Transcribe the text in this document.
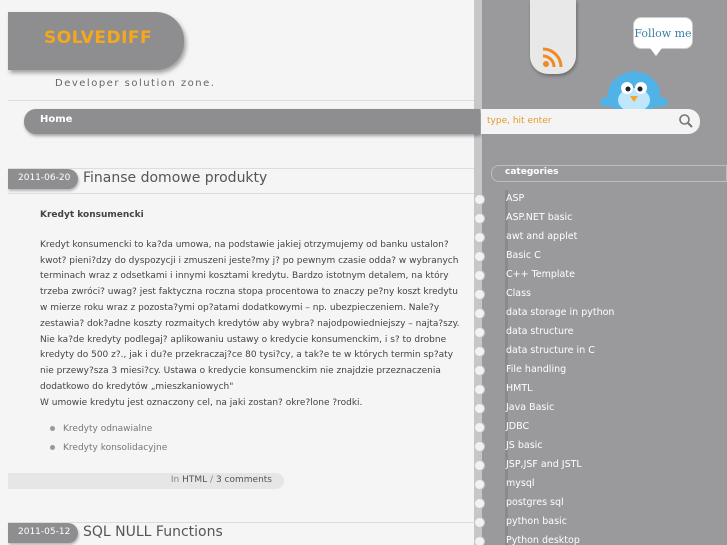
SOLVEDIFF
Developer solution zone.
Follow me
Home
type, hit enter
2011-06-20 Finanse domowe produkty

Kredyt konsumencki

Kredyt konsumencki to ka?da umowa, na podstawie jakiej otrzymujemy od banku ustalon? kwot? pieni?dzy do dyspozycji i zmuszeni jeste?my j? po pewnym czasie odda? w wybranych terminach wraz z odsetkami i innymi kosztami kredytu. Bardzo istotnym detalem, na który trzeba zwróci? uwag? jest faktyczna roczna stopa procentowa to znaczy pe?ny koszt kredytu w mierze roku wraz z pozosta?ymi op?atami dodatkowymi – np. ubezpieczeniem. Nale?y zestawia? dok?adne koszty rozmaitych kredytów aby wybra? najodpowiedniejszy – najta?szy.

Nie ka?de kredyty podlegaj? aplikowaniu ustawy o kredycie konsumenckim, i s? to drobne kredyty do 500 z?., jak i du?e przekraczaj?ce 80 tysi?cy, a tak?e te w których termin sp?aty nie przewy?sza 3 miesi?cy. Ustawa o kredycie konsumenckim nie znajdzie przeznaczenia dodatkowo do kredytów „mieszkaniowych"

W umowie kredytu jest oznaczony cel, na jaki zostan? okre?lone ?rodki.

Kredyty odnawialne
Kredyty konsolidacyjne
In HTML / 3 comments
2011-05-12 SQL NULL Functions
categories
ASP
ASP.NET basic
awt and applet
Basic C
C++ Template
Class
data storage in python
data structure
data structure in C
File handling
HMTL
Java Basic
JDBC
JS basic
JSP,JSF and JSTL
mysql
postgres sql
python basic
Python desktop
